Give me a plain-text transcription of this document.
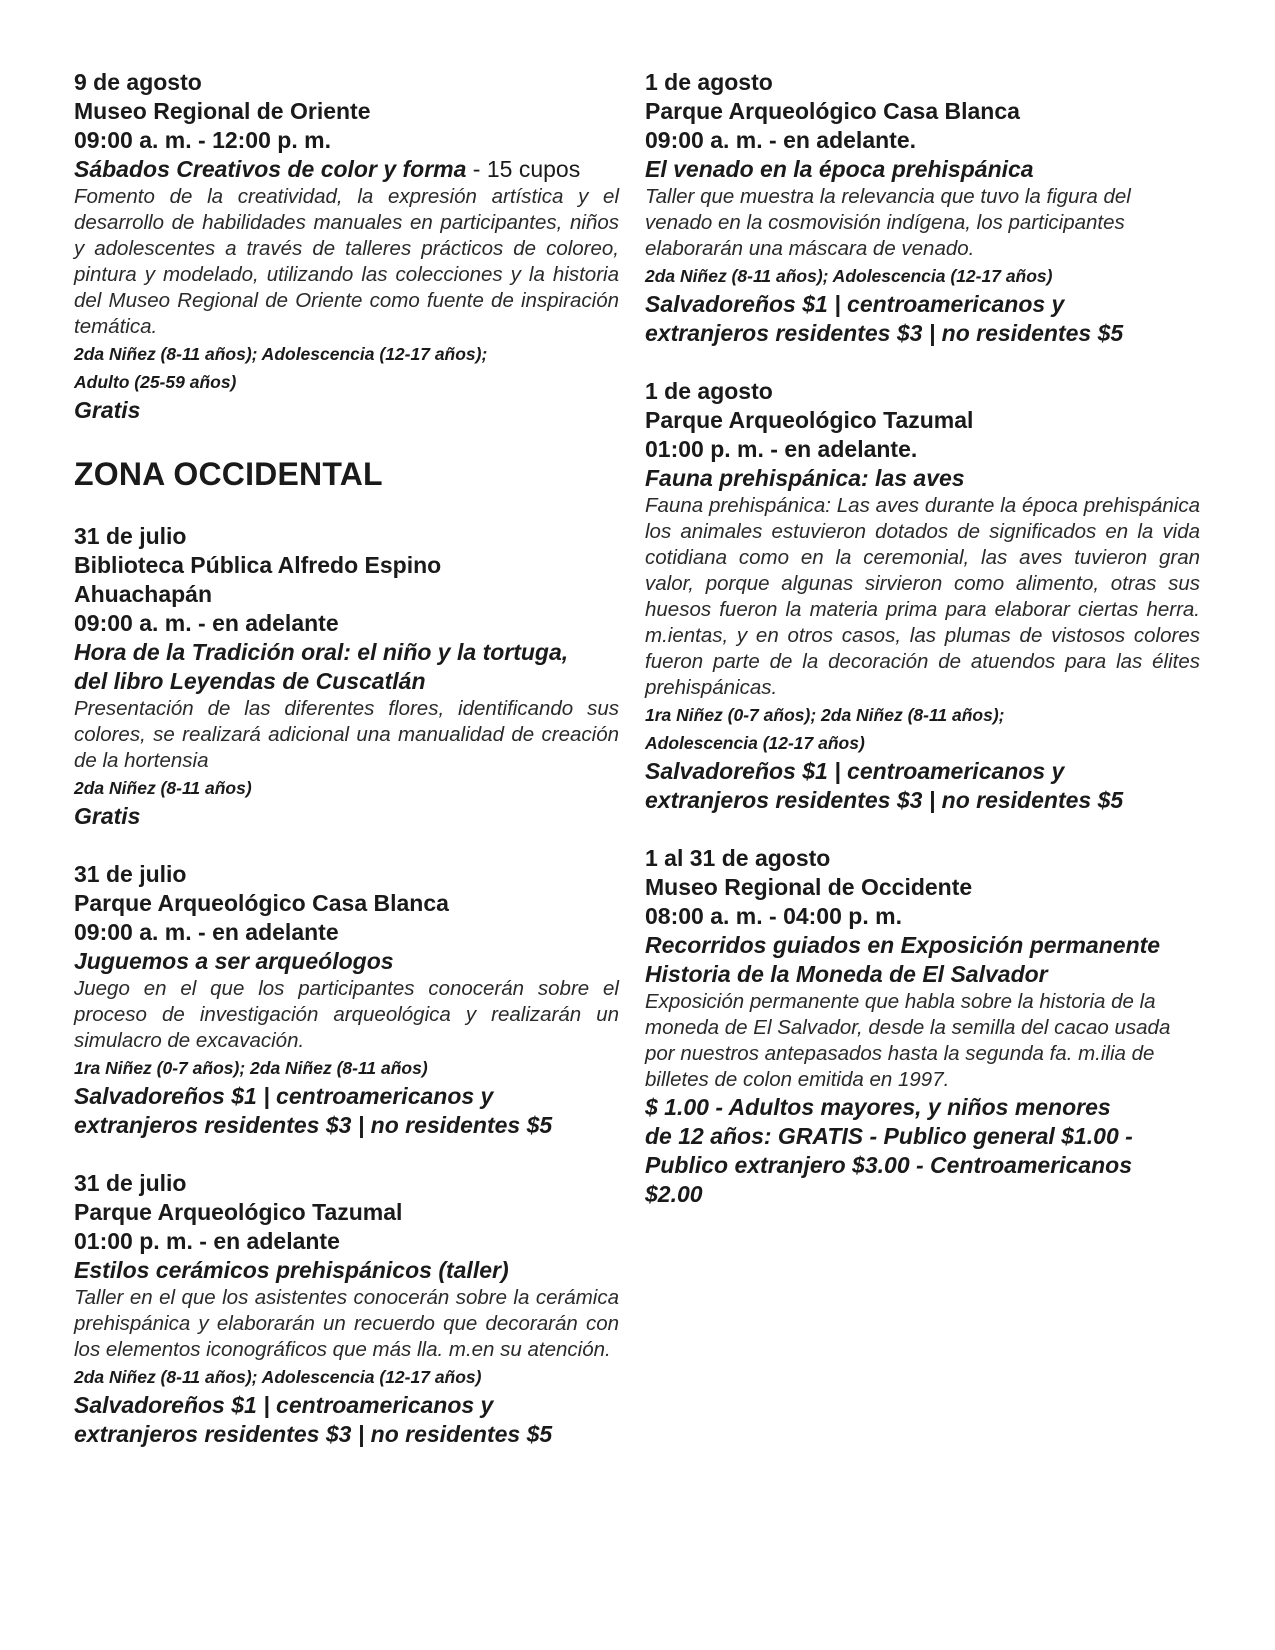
9 de agosto
Museo Regional de Oriente
09:00 a. m. - 12:00 p. m.
Sábados Creativos de color y forma - 15 cupos
Fomento de la creatividad, la expresión artística y el desarrollo de habilidades manuales en participantes, niños y adolescentes a través de talleres prácticos de coloreo, pintura y modelado, utilizando las colecciones y la historia del Museo Regional de Oriente como fuente de inspiración temática.
2da Niñez (8-11 años); Adolescencia (12-17 años);
Adulto (25-59 años)
Gratis
ZONA OCCIDENTAL
31 de julio
Biblioteca Pública Alfredo Espino
Ahuachapán
09:00 a. m. - en adelante
Hora de la Tradición oral: el niño y la tortuga,
del libro Leyendas de Cuscatlán
Presentación de las diferentes flores, identificando sus colores, se realizará adicional una manualidad de creación de la hortensia
2da Niñez (8-11 años)
Gratis
31 de julio
Parque Arqueológico Casa Blanca
09:00 a. m. - en adelante
Juguemos a ser arqueólogos
Juego en el que los participantes conocerán sobre el proceso de investigación arqueológica y realizarán un simulacro de excavación.
1ra Niñez (0-7 años); 2da Niñez (8-11 años)
Salvadoreños $1 | centroamericanos y
extranjeros residentes $3 | no residentes $5
31 de julio
Parque Arqueológico Tazumal
01:00 p. m. - en adelante
Estilos cerámicos prehispánicos (taller)
Taller en el que los asistentes conocerán sobre la cerámica prehispánica y elaborarán un recuerdo que decorarán con los elementos iconográficos que más lla. m.en su atención.
2da Niñez (8-11 años); Adolescencia (12-17 años)
Salvadoreños $1 | centroamericanos y
extranjeros residentes $3 | no residentes $5
1 de agosto
Parque Arqueológico Casa Blanca
09:00 a. m. - en adelante.
El venado en la época prehispánica
Taller que muestra la relevancia que tuvo la figura del venado en la cosmovisión indígena, los participantes elaborarán una máscara de venado.
2da Niñez (8-11 años); Adolescencia (12-17 años)
Salvadoreños $1 | centroamericanos y
extranjeros residentes $3 | no residentes $5
1 de agosto
Parque Arqueológico Tazumal
01:00 p. m. - en adelante.
Fauna prehispánica: las aves
Fauna prehispánica: Las aves durante la época prehispánica los animales estuvieron dotados de significados en la vida cotidiana como en la ceremonial, las aves tuvieron gran valor, porque algunas sirvieron como alimento, otras sus huesos fueron la materia prima para elaborar ciertas herra. m.ientas, y en otros casos, las plumas de vistosos colores fueron parte de la decoración de atuendos para las élites prehispánicas.
1ra Niñez (0-7 años); 2da Niñez (8-11 años);
Adolescencia (12-17 años)
Salvadoreños $1 | centroamericanos y
extranjeros residentes $3 | no residentes $5
1 al 31 de agosto
Museo Regional de Occidente
08:00 a. m. - 04:00 p. m.
Recorridos guiados en Exposición permanente
Historia de la Moneda de El Salvador
Exposición permanente que habla sobre la historia de la moneda de El Salvador, desde la semilla del cacao usada por nuestros antepasados hasta la segunda fa. m.ilia de billetes de colon emitida en 1997.
$ 1.00 - Adultos mayores, y niños menores
de 12 años: GRATIS - Publico general $1.00 -
Publico extranjero $3.00 - Centroamericanos
$2.00
